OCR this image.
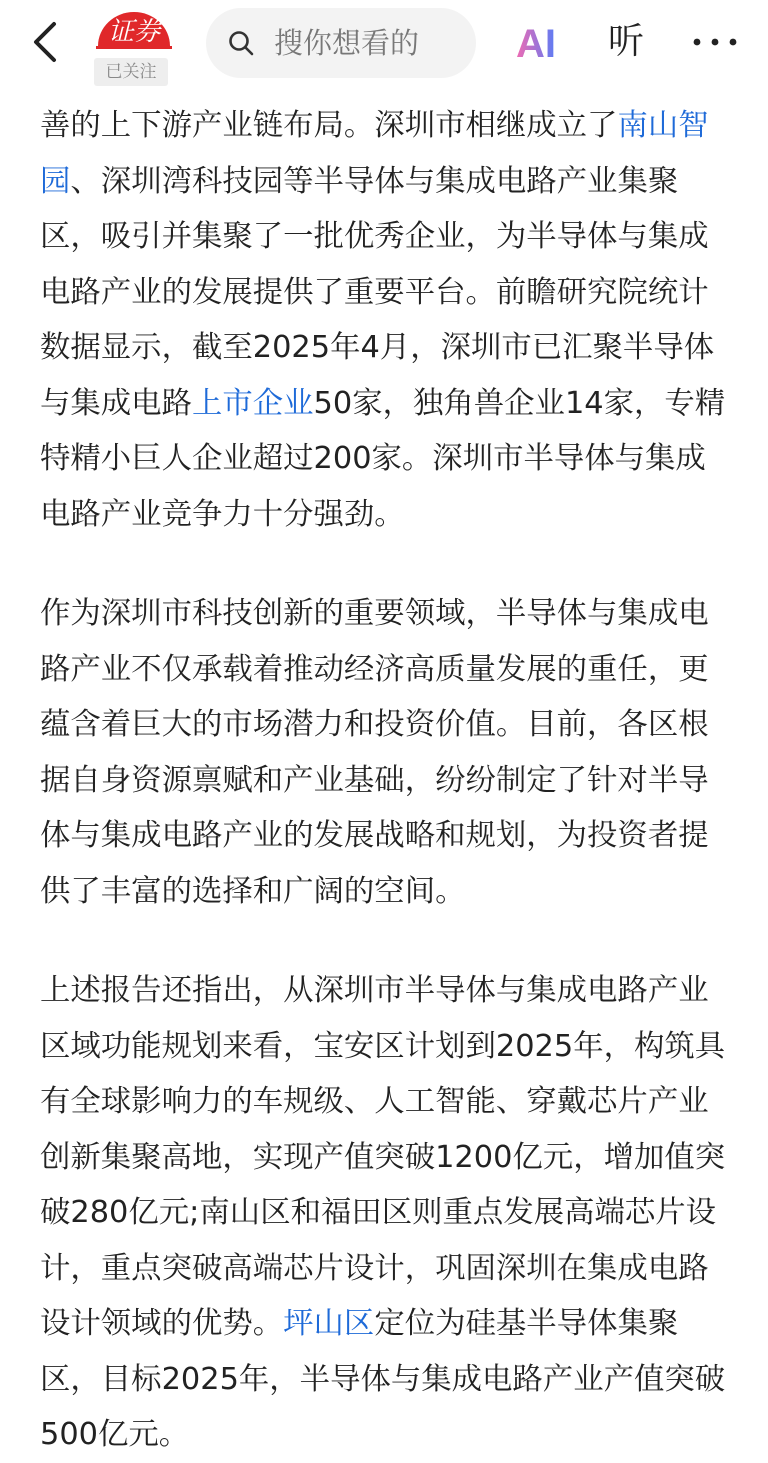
证券
已关注
搜你想看的 AI 听

善的上下游产业链布局。深圳市相继成立了南山智园、深圳湾科技园等半导体与集成电路产业集聚区，吸引并集聚了一批优秀企业，为半导体与集成电路产业的发展提供了重要平台。前瞻研究院统计数据显示，截至2025年4月，深圳市已汇聚半导体与集成电路上市企业50家，独角兽企业14家，专精特精小巨人企业超过200家。深圳市半导体与集成电路产业竞争力十分强劲。

作为深圳市科技创新的重要领域，半导体与集成电路产业不仅承载着推动经济高质量发展的重任，更蕴含着巨大的市场潜力和投资价值。目前，各区根据自身资源禀赋和产业基础，纷纷制定了针对半导体与集成电路产业的发展战略和规划，为投资者提供了丰富的选择和广阔的空间。

上述报告还指出，从深圳市半导体与集成电路产业区域功能规划来看，宝安区计划到2025年，构筑具有全球影响力的车规级、人工智能、穿戴芯片产业创新集聚高地，实现产值突破1200亿元，增加值突破280亿元;南山区和福田区则重点发展高端芯片设计，重点突破高端芯片设计，巩固深圳在集成电路设计领域的优势。坪山区定位为硅基半导体集聚区，目标2025年，半导体与集成电路产业产值突破500亿元。
